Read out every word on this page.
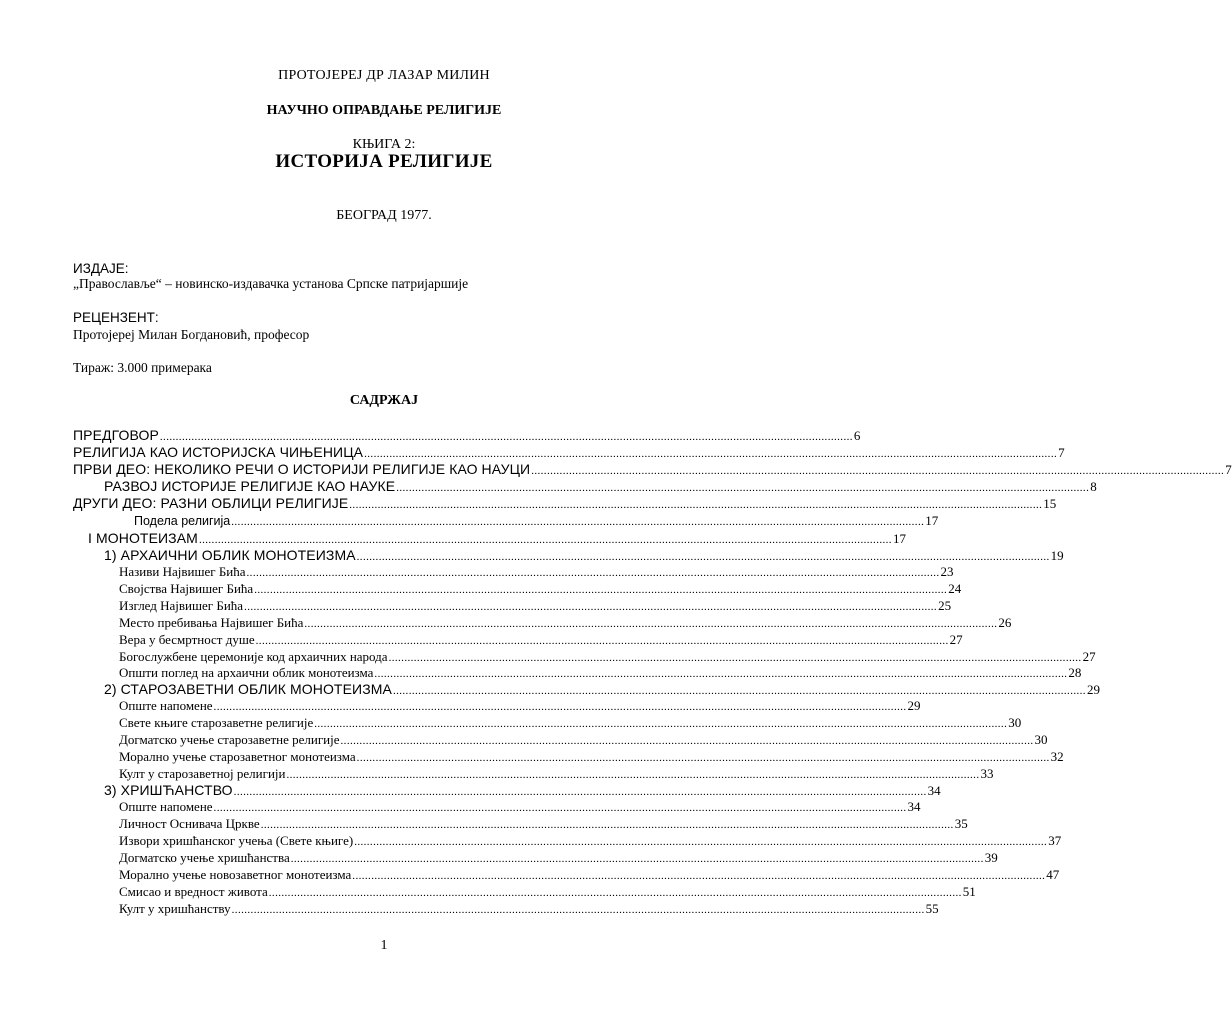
ПРОТОЈЕРЕЈ ДР ЛАЗАР МИЛИН
НАУЧНО ОПРАВДАЊЕ РЕЛИГИЈЕ
КЊИГА 2:
ИСТОРИЈА РЕЛИГИЈЕ
БЕОГРАД 1977.
ИЗДАЈЕ:
„Православље“ – новинско-издавачка установа Српске патријаршије
РЕЦЕНЗЕНТ:
Протојереј Милан Богдановић, професор
Тираж: 3.000 примерака
САДРЖАЈ
ПРЕДГОВОР ............................................................................................................................................................................................................................ 6
РЕЛИГИЈА КАО ИСТОРИЈСКА ЧИЊЕНИЦА ............................................................................................................................................................................................................................ 7
ПРВИ ДЕО: НЕКОЛИКО РЕЧИ О ИСТОРИЈИ РЕЛИГИЈЕ КАО НАУЦИ ............................................................................................................................................................................................................................ 7
РАЗВОЈ ИСТОРИЈЕ РЕЛИГИЈЕ КАО НАУКЕ ............................................................................................................................................................................................................................ 8
ДРУГИ ДЕО: РАЗНИ ОБЛИЦИ РЕЛИГИЈЕ ............................................................................................................................................................................................................................ 15
Подела религија ............................................................................................................................................................................................................................ 17
I МОНОТЕИЗАМ ............................................................................................................................................................................................................................ 17
1) АРХАИЧНИ ОБЛИК МОНОТЕИЗМА ............................................................................................................................................................................................................................ 19
Називи Највишег Бића ............................................................................................................................................................................................................................ 23
Својства Највишег Бића ............................................................................................................................................................................................................................ 24
Изглед Највишег Бића ............................................................................................................................................................................................................................ 25
Место пребивања Највишег Бића ............................................................................................................................................................................................................................ 26
Вера у бесмртност душе ............................................................................................................................................................................................................................ 27
Богослужбене церемоније код архаичних народа ............................................................................................................................................................................................................................ 27
Општи поглед на архаични облик монотеизма ............................................................................................................................................................................................................................ 28
2) СТАРОЗАВЕТНИ ОБЛИК МОНОТЕИЗМА ............................................................................................................................................................................................................................ 29
Опште напомене ............................................................................................................................................................................................................................ 29
Свете књиге старозаветне религије ............................................................................................................................................................................................................................ 30
Догматско учење старозаветне религије ............................................................................................................................................................................................................................ 30
Морално учење старозаветног монотеизма ............................................................................................................................................................................................................................ 32
Култ у старозаветној религији ............................................................................................................................................................................................................................ 33
3) ХРИШЋАНСТВО ............................................................................................................................................................................................................................ 34
Опште напомене ............................................................................................................................................................................................................................ 34
Личност Оснивача Цркве ............................................................................................................................................................................................................................ 35
Извори хришћанског учења (Свете књиге) ............................................................................................................................................................................................................................ 37
Догматско учење хришћанства ............................................................................................................................................................................................................................ 39
Морално учење новозаветног монотеизма ............................................................................................................................................................................................................................ 47
Смисао и вредност живота ............................................................................................................................................................................................................................ 51
Култ у хришћанству ............................................................................................................................................................................................................................ 55
1
